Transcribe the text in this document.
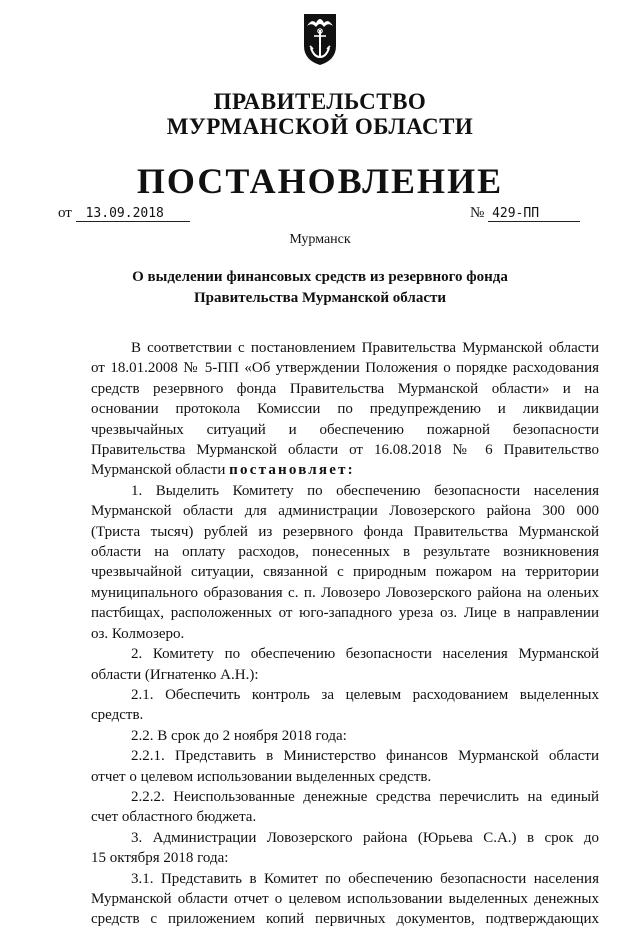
ПРАВИТЕЛЬСТВО
МУРМАНСКОЙ ОБЛАСТИ
ПОСТАНОВЛЕНИЕ
от 13.09.2018	№ 429-ПП
Мурманск
О выделении финансовых средств из резервного фонда
Правительства Мурманской области

В соответствии с постановлением Правительства Мурманской области

от 18.01.2008 № 5-ПП «Об утверждении Положения о порядке расходования

средств резервного фонда Правительства Мурманской области» и на

основании протокола Комиссии по предупреждению и ликвидации

чрезвычайных ситуаций и обеспечению пожарной безопасности

Правительства Мурманской области от 16.08.2018 № 6 Правительство

Мурманской области постановляет:

1. Выделить Комитету по обеспечению безопасности населения

Мурманской области для администрации Ловозерского района 300 000

(Триста тысяч) рублей из резервного фонда Правительства Мурманской

области на оплату расходов, понесенных в результате возникновения

чрезвычайной ситуации, связанной с природным пожаром на территории

муниципального образования с. п. Ловозеро Ловозерского района на оленьих

пастбищах, расположенных от юго-западного уреза оз. Лице в направлении

оз. Колмозеро.

2. Комитету по обеспечению безопасности населения Мурманской

области (Игнатенко А.Н.):

2.1. Обеспечить контроль за целевым расходованием выделенных

средств.

2.2. В срок до 2 ноября 2018 года:

2.2.1. Представить в Министерство финансов Мурманской области

отчет о целевом использовании выделенных средств.

2.2.2. Неиспользованные денежные средства перечислить на единый

счет областного бюджета.

3. Администрации Ловозерского района (Юрьева С.А.) в срок до

15 октября 2018 года:

3.1. Представить в Комитет по обеспечению безопасности населения

Мурманской области отчет о целевом использовании выделенных денежных

средств с приложением копий первичных документов, подтверждающих
